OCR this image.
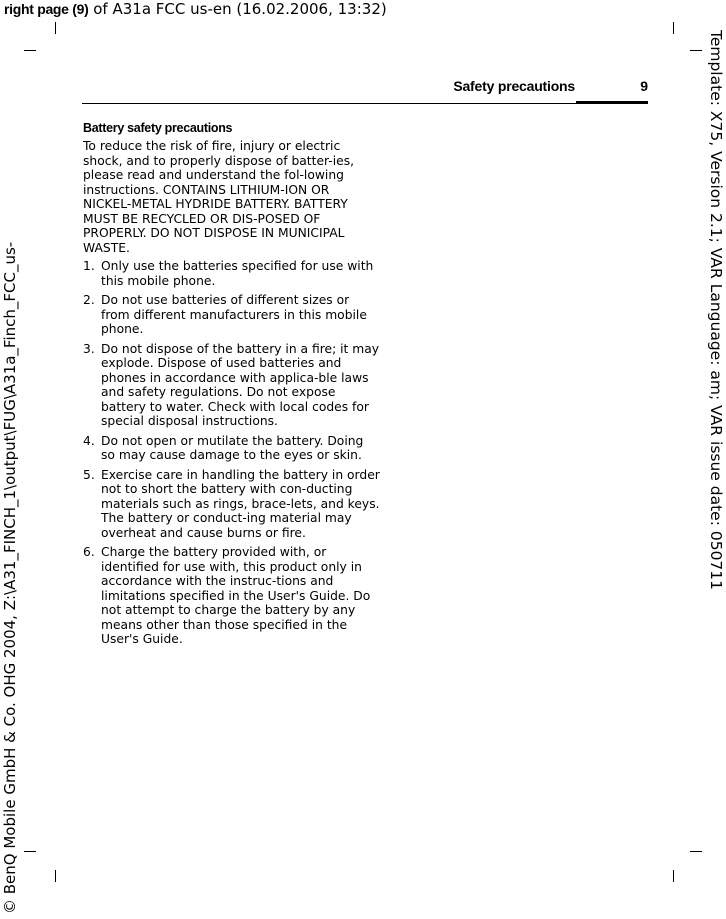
right page (9) of A31a FCC us-en (16.02.2006, 13:32)
© BenQ Mobile GmbH & Co. OHG 2004, Z:\A31_FINCH_1\output\FUG\A31a_Finch_FCC_us-	Template: X75, Version 2.1; VAR Language: am; VAR issue date: 050711
Safety precautions	9
Battery safety precautions

To reduce the risk of fire, injury or electric shock, and to properly dispose of batter-ies, please read and understand the fol-lowing instructions. CONTAINS LITHIUM-ION OR NICKEL-METAL HYDRIDE BATTERY. BATTERY MUST BE RECYCLED OR DIS-POSED OF PROPERLY. DO NOT DISPOSE IN MUNICIPAL WASTE.

1. Only use the batteries specified for use with this mobile phone.
2. Do not use batteries of different sizes or from different manufacturers in this mobile phone.
3. Do not dispose of the battery in a fire; it may explode. Dispose of used batteries and phones in accordance with applica-ble laws and safety regulations. Do not expose battery to water. Check with local codes for special disposal instructions.
4. Do not open or mutilate the battery. Doing so may cause damage to the eyes or skin.
5. Exercise care in handling the battery in order not to short the battery with con-ducting materials such as rings, brace-lets, and keys. The battery or conduct-ing material may overheat and cause burns or fire.
6. Charge the battery provided with, or identified for use with, this product only in accordance with the instruc-tions and limitations specified in the User's Guide. Do not attempt to charge the battery by any means other than those specified in the User's Guide.
